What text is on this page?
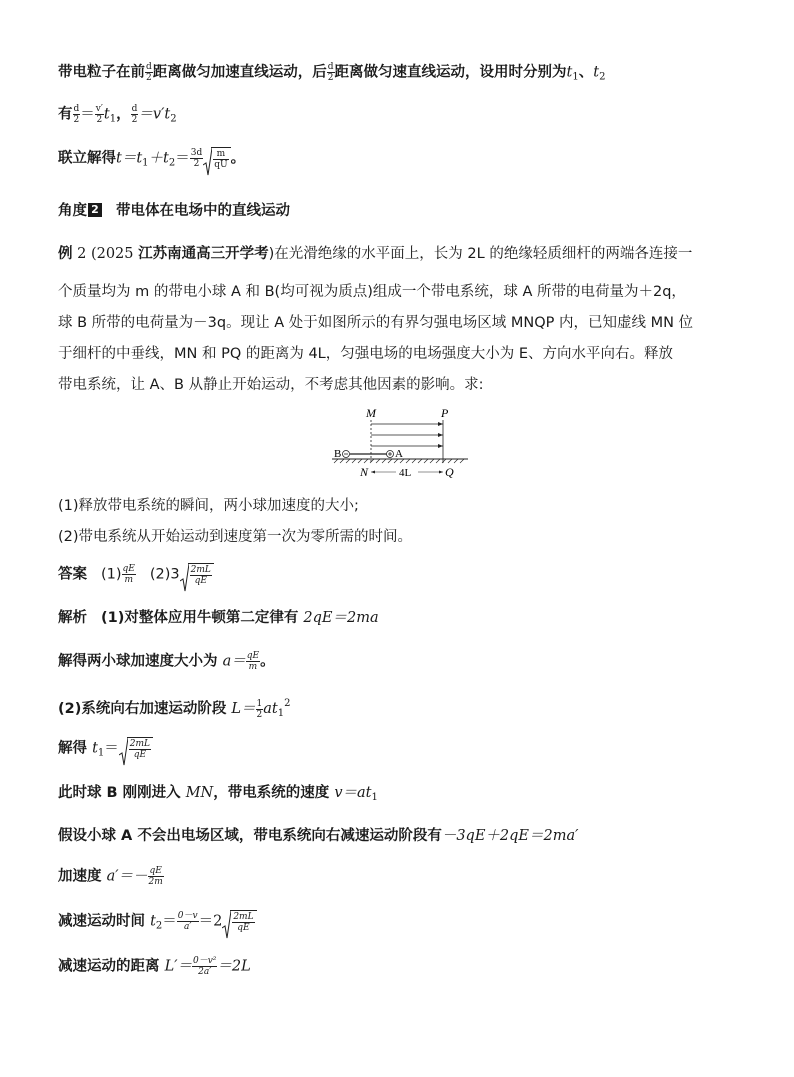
带电粒子在前 $\frac{d}{2}$ 距离做匀加速直线运动，后 $\frac{d}{2}$ 距离做匀速直线运动，设用时分别为$t_1$、$t_2$
有 $\frac{d}{2} = \frac{v'}{2} t_1$， $\frac{d}{2} =v't_2$
联立解得$t=t_1+t_2= \frac{3d}{2} \frac{m}{qU}$ 。
角度 2 带电体在电场中的直线运动
例 2 (2025 江苏南通高三开学考)在光滑绝缘的水平面上，长为 2L 的绝缘轻质细杆的两端各连接一
个质量均为 m 的带电小球 A 和 B(均可视为质点)组成一个带电系统，球 A 所带的电荷量为＋2q，
球 B 所带的电荷量为－3q。现让 A 处于如图所示的有界匀强电场区域 MNQP 内，已知虚线 MN 位
于细杆的中垂线，MN 和 PQ 的距离为 4L，匀强电场的电场强度大小为 E、方向水平向右。释放
带电系统，让 A、B 从静止开始运动，不考虑其他因素的影响。求:
M	P
B	A
N	Q
4L
(1)释放带电系统的瞬间，两小球加速度的大小;
(2)带电系统从开始运动到速度第一次为零所需的时间。
答案 $(1) \frac{qE}{m} (2)3 \frac{2mL}{qE}$
解析 (1)对整体应用牛顿第二定律有 2qE＝2ma
解得两小球加速度大小为 $a= \frac{qE}{m}$ 。
(2)系统向右加速运动阶段 $L= \frac{1}{2} at_1^2$
解得 $t_1= \frac{2mL}{qE}$
此时球 B 刚刚进入 MN，带电系统的速度 $v=at_1$
假设小球 A 不会出电场区域，带电系统向右减速运动阶段有－3qE＋2qE＝2ma′
加速度 $a'=- \frac{qE}{2m}$
减速运动时间 $t_2= \frac{0-v}{a'} =2 \frac{2mL}{qE}$
减速运动的距离 $L'= \frac{\text{0－v²}}{2a'} =2L$
